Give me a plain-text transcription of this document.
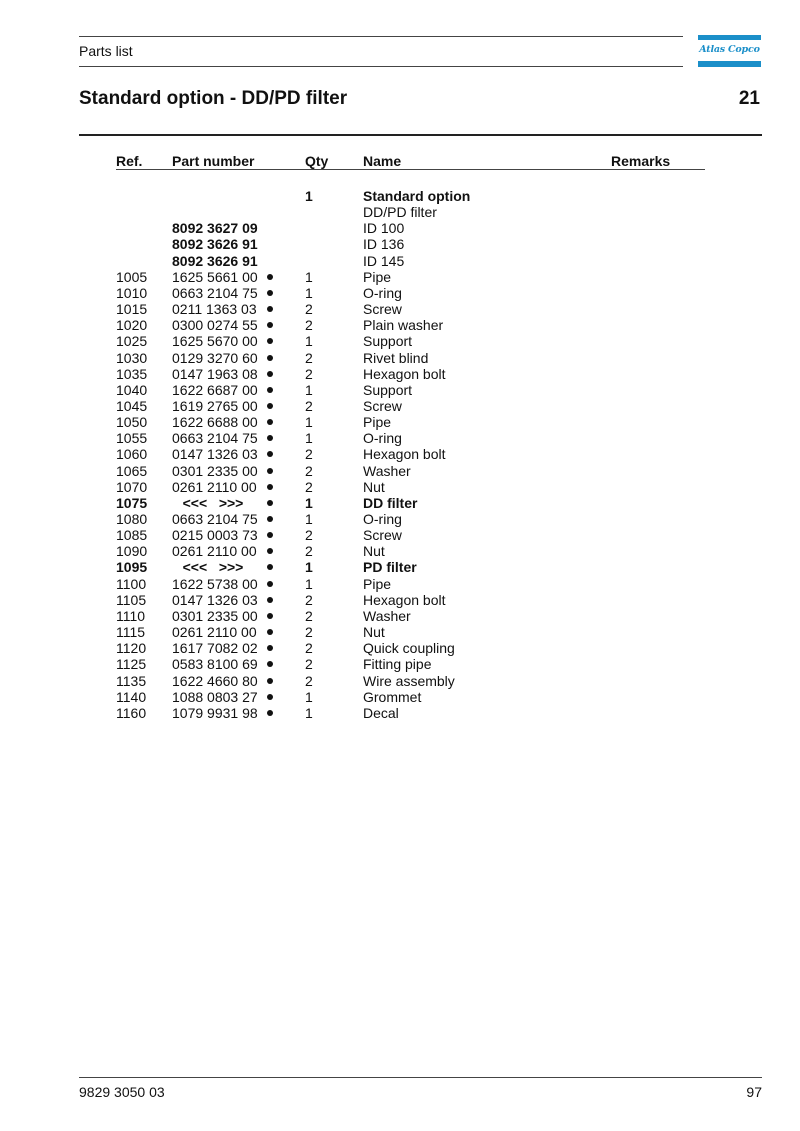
Parts list	Atlas Copco
Standard option - DD/PD filter	21
Ref. Part number	Qty Name	Remarks
1	Standard option
DD/PD filter
8092 3627 09	ID 100
8092 3626 91	ID 136
8092 3626 91	ID 145
1005 1625 5661 00	1	Pipe
1010 0663 2104 75	1	O-ring
1015 0211 1363 03	2	Screw
1020 0300 0274 55	2	Plain washer
1025 1625 5670 00	1	Support
1030 0129 3270 60	2	Rivet blind
1035 0147 1963 08	2	Hexagon bolt
1040 1622 6687 00	1	Support
1045 1619 2765 00	2	Screw
1050 1622 6688 00	1	Pipe
1055 0663 2104 75	1	O-ring
1060 0147 1326 03	2	Hexagon bolt
1065 0301 2335 00	2	Washer
1070 0261 2110 00	2	Nut
1075	<<<   >>>	1	DD filter
1080 0663 2104 75	1	O-ring
1085 0215 0003 73	2	Screw
1090 0261 2110 00	2	Nut
1095	<<<   >>>	1	PD filter
1100 1622 5738 00	1	Pipe
1105 0147 1326 03	2	Hexagon bolt
1110 0301 2335 00	2	Washer
1115 0261 2110 00	2	Nut
1120 1617 7082 02	2	Quick coupling
1125 0583 8100 69	2	Fitting pipe
1135 1622 4660 80	2	Wire assembly
1140 1088 0803 27	1	Grommet
1160 1079 9931 98	1	Decal
9829 3050 03	97
